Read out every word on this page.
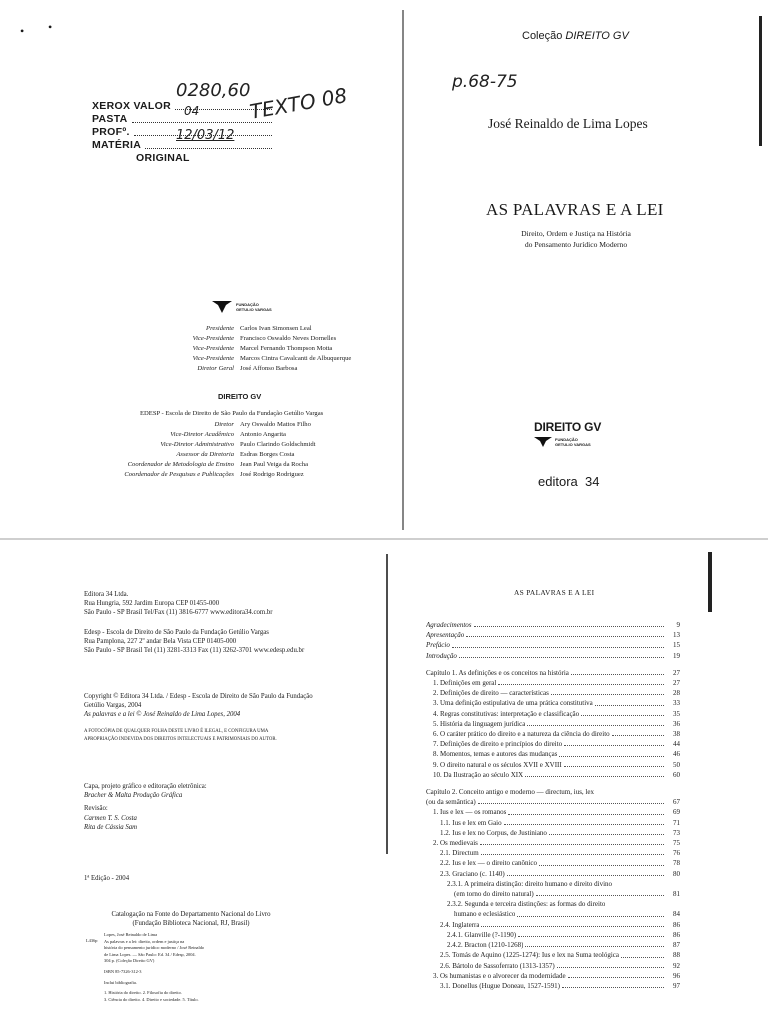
• •
XEROX VALOR
PASTA
PROFº.
MATÉRIA
ORIGINAL
0280,60
04
12/03/12
TEXTO 08
FUNDAÇÃO
GETULIO VARGAS
Presidente Carlos Ivan Simonsen Leal
Vice-Presidente Francisco Oswaldo Neves Dornelles
Vice-Presidente Marcel Fernando Thompson Motta
Vice-Presidente Marcos Cintra Cavalcanti de Albuquerque
Diretor Geral José Affonso Barbosa
DIREITO GV
EDESP - Escola de Direito de São Paulo da Fundação Getúlio Vargas
Diretor Ary Oswaldo Mattos Filho
Vice-Diretor Acadêmico Antonio Angarita
Vice-Diretor Administrativo Paulo Clarindo Goldschmidt
Assessor da Diretoria Esdras Borges Costa
Coordenador de Metodologia de Ensino Jean Paul Veiga da Rocha
Coordenador de Pesquisas e Publicações José Rodrigo Rodriguez
Coleção DIREITO GV
p.68-75
José Reinaldo de Lima Lopes
AS PALAVRAS E A LEI
Direito, Ordem e Justiça na História
do Pensamento Jurídico Moderno
DIREITO GV
FUNDAÇÃO
GETULIO VARGAS
editora  34
Editora 34 Ltda.
Rua Hungria, 592 Jardim Europa CEP 01455-000
São Paulo - SP Brasil Tel/Fax (11) 3816-6777 www.editora34.com.br
Edesp - Escola de Direito de São Paulo da Fundação Getúlio Vargas
Rua Pamplona, 227 2º andar Bela Vista CEP 01405-000
São Paulo - SP Brasil Tel (11) 3281-3313 Fax (11) 3262-3701 www.edesp.edu.br
Copyright © Editora 34 Ltda. / Edesp - Escola de Direito de São Paulo da Fundação
Getúlio Vargas, 2004
As palavras e a lei © José Reinaldo de Lima Lopes, 2004
A FOTOCÓPIA DE QUALQUER FOLHA DESTE LIVRO É ILEGAL, E CONFIGURA UMA
APROPRIAÇÃO INDEVIDA DOS DIREITOS INTELECTUAIS E PATRIMONIAIS DO AUTOR.
Capa, projeto gráfico e editoração eletrônica:
Bracher & Malta Produção Gráfica
Revisão:
Carmen T. S. Costa
Rita de Cássia Sam
1ª Edição - 2004
Catalogação na Fonte do Departamento Nacional do Livro
(Fundação Biblioteca Nacional, RJ, Brasil)
L436p
Lopes, José Reinaldo de Lima
As palavras e a lei: direito, ordem e justiça na
história do pensamento jurídico moderno / José Reinaldo
de Lima Lopes. — São Paulo: Ed. 34 / Edesp, 2004.
304 p. (Coleção Direito GV)
ISBN 85-7326-312-3
Inclui bibliografia.
1. História do direito. 2. Filosofia do direito.
3. Ciência do direito. 4. Direito e sociedade. 5. Título.
AS PALAVRAS E A LEI
Agradecimentos	9
Apresentação	13
Prefácio	15
Introdução	19
Capítulo 1. As definições e os conceitos na história	27
1. Definições em geral	27
2. Definições de direito — características	28
3. Uma definição estipulativa de uma prática constitutiva	33
4. Regras constitutivas: interpretação e classificação	35
5. História da linguagem jurídica	36
6. O caráter prático do direito e a natureza da ciência do direito	38
7. Definições de direito e princípios do direito	44
8. Momentos, temas e autores das mudanças	46
9. O direito natural e os séculos XVII e XVIII	50
10. Da Ilustração ao século XIX	60
Capítulo 2. Conceito antigo e moderno — directum, ius, lex
(ou da semântica)	67
1. Ius e lex — os romanos	69
1.1. Ius e lex em Gaio	71
1.2. Ius e lex no Corpus, de Justiniano	73
2. Os medievais	75
2.1. Directum	76
2.2. Ius e lex — o direito canônico	78
2.3. Graciano (c. 1140)	80
2.3.1. A primeira distinção: direito humano e direito divino
(em torno do direito natural)	81
2.3.2. Segunda e terceira distinções: as formas do direito
humano e eclesiástico	84
2.4. Inglaterra	86
2.4.1. Glanville (?-1190)	86
2.4.2. Bracton (1210-1268)	87
2.5. Tomás de Aquino (1225-1274): Ius e lex na Suma teológica	88
2.6. Bártolo de Sassoferrato (1313-1357)	92
3. Os humanistas e o alvorecer da modernidade	96
3.1. Donellus (Hugue Doneau, 1527-1591)	97
